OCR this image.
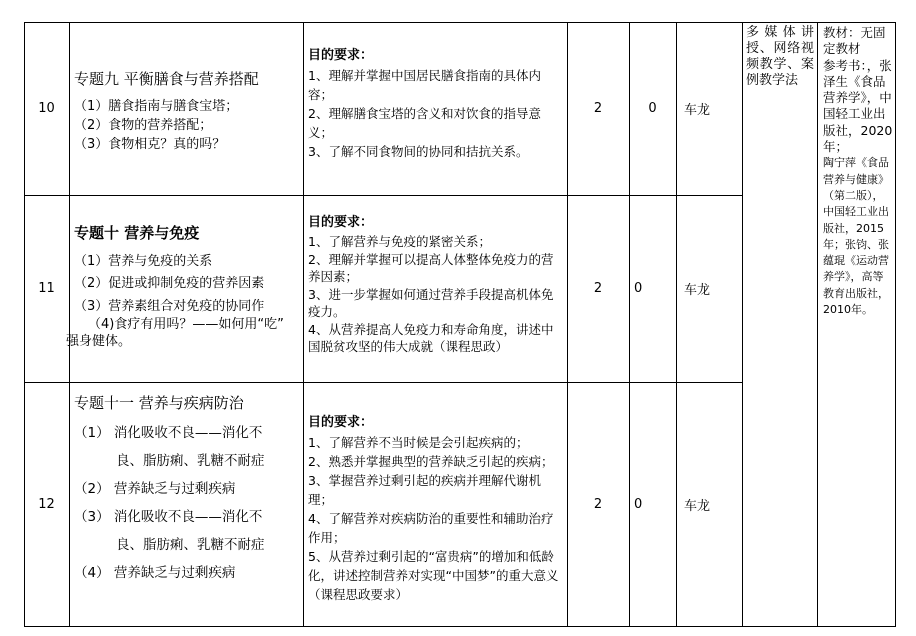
10
专题九 平衡膳食与营养搭配
（1）膳食指南与膳食宝塔；
（2）食物的营养搭配；
（3）食物相克？真的吗？
目的要求：
1、理解并掌握中国居民膳食指南的具体内容；
2、理解膳食宝塔的含义和对饮食的指导意义；
3、了解不同食物间的协同和拮抗关系。
2	0 车龙
11
专题十 营养与免疫
（1）营养与免疫的关系
（2）促进或抑制免疫的营养因素
（3）营养素组合对免疫的协同作
（4)食疗有用吗？——如何用“吃”
强身健体。
目的要求：
1、了解营养与免疫的紧密关系；
2、理解并掌握可以提高人体整体免疫力的营养因素；
3、进一步掌握如何通过营养手段提高机体免疫力。
4、从营养提高人免疫力和寿命角度，讲述中国脱贫攻坚的伟大成就（课程思政）
2 0	车龙
12
专题十一 营养与疾病防治
（1） 消化吸收不良——消化不
良、脂肪痢、乳糖不耐症
（2） 营养缺乏与过剩疾病
（3） 消化吸收不良——消化不
良、脂肪痢、乳糖不耐症
（4） 营养缺乏与过剩疾病
目的要求：
1、了解营养不当时候是会引起疾病的；
2、熟悉并掌握典型的营养缺乏引起的疾病；
3、掌握营养过剩引起的疾病并理解代谢机理；
4、了解营养对疾病防治的重要性和辅助治疗作用；
5、从营养过剩引起的“富贵病”的增加和低龄化，讲述控制营养对实现“中国梦”的重大意义（课程思政要求）
2 0	车龙
多媒体讲授、网络视频教学、案例教学法
教材：无固定教材
参考书：，张泽生《食品营养学》，中国轻工业出版社，2020年；
陶宁萍《食品营养与健康》（第二版），中国轻工业出版社，2015年；张钧、张蕴琨《运动营养学》，高等教育出版社，2010年。
